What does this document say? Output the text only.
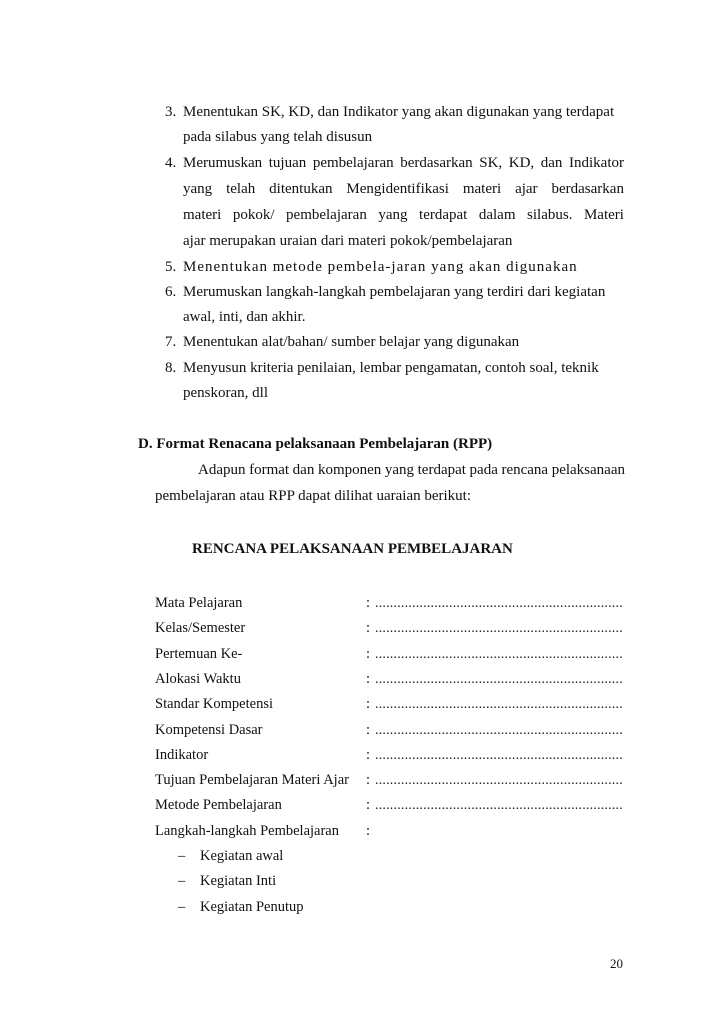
3. Menentukan SK, KD, dan Indikator yang akan digunakan yang terdapat
pada silabus yang telah disusun
4. Merumuskan tujuan pembelajaran berdasarkan SK, KD, dan Indikator
yang telah ditentukan Mengidentifikasi materi ajar berdasarkan
materi pokok/ pembelajaran yang terdapat dalam silabus. Materi
ajar merupakan uraian dari materi pokok/pembelajaran
5. Menentukan metode pembela-jaran yang akan digunakan
6. Merumuskan langkah-langkah pembelajaran yang terdiri dari kegiatan
awal, inti, dan akhir.
7. Menentukan alat/bahan/ sumber belajar yang digunakan
8. Menyusun kriteria penilaian, lembar pengamatan, contoh soal, teknik
penskoran, dll
D. Format Renacana pelaksanaan Pembelajaran (RPP)
Adapun format dan komponen yang terdapat pada rencana pelaksanaan
pembelajaran atau RPP dapat dilihat uaraian berikut:
RENCANA PELAKSANAAN PEMBELAJARAN
Mata Pelajaran	: ...................................................................
Kelas/Semester	: ...................................................................
Pertemuan Ke-	: ...................................................................
Alokasi Waktu	: ...................................................................
Standar Kompetensi	: ...................................................................
Kompetensi Dasar	: ...................................................................
Indikator	: ...................................................................
Tujuan Pembelajaran Materi Ajar : ...................................................................
Metode Pembelajaran	: ...................................................................
Langkah-langkah Pembelajaran :
– Kegiatan awal
– Kegiatan Inti
– Kegiatan Penutup
20
